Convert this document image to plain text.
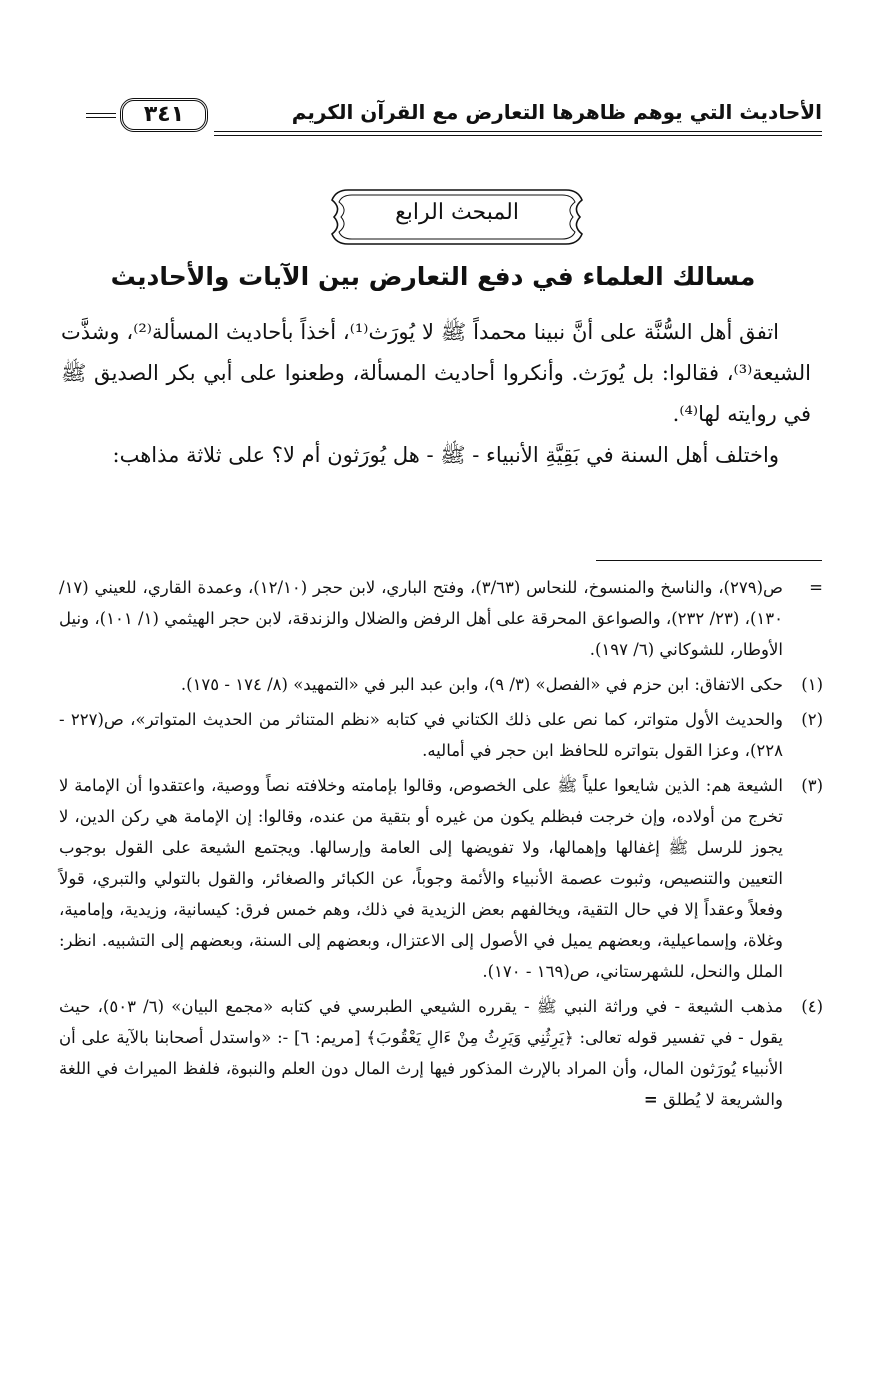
الأحاديث التي يوهم ظاهرها التعارض مع القرآن الكريم
٣٤١
المبحث الرابع
مسالك العلماء في دفع التعارض بين الآيات والأحاديث

اتفق أهل السُّنَّة على أنَّ نبينا محمداً ﷺ لا يُورَث⁽¹⁾، أخذاً بأحاديث المسألة⁽²⁾، وشذَّت الشيعة⁽³⁾، فقالوا: بل يُورَث. وأنكروا أحاديث المسألة، وطعنوا على أبي بكر الصديق ﷺ في روايته لها⁽⁴⁾.

واختلف أهل السنة في بَقِيَّةِ الأنبياء - ﷺ - هل يُورَثون أم لا؟ على ثلاثة مذاهب:

=

ص(٢٧٩)، والناسخ والمنسوخ، للنحاس (٣/٦٣)، وفتح الباري، لابن حجر (١٢/١٠)، وعمدة القاري، للعيني (١٧/ ١٣٠)، (٢٣/ ٢٣٢)، والصواعق المحرقة على أهل الرفض والضلال والزندقة، لابن حجر الهيثمي (١/ ١٠١)، ونيل الأوطار، للشوكاني (٦/ ١٩٧).

(١)

حكى الاتفاق: ابن حزم في «الفصل» (٣/ ٩)، وابن عبد البر في «التمهيد» (٨/ ١٧٤ - ١٧٥).

(٢)

والحديث الأول متواتر، كما نص على ذلك الكتاني في كتابه «نظم المتناثر من الحديث المتواتر»، ص(٢٢٧ - ٢٢٨)، وعزا القول بتواتره للحافظ ابن حجر في أماليه.

(٣)

الشيعة هم: الذين شايعوا علياً ﷺ على الخصوص، وقالوا بإمامته وخلافته نصاً ووصية، واعتقدوا أن الإمامة لا تخرج من أولاده، وإن خرجت فبظلم يكون من غيره أو بتقية من عنده، وقالوا: إن الإمامة هي ركن الدين، لا يجوز للرسل ﷺ إغفالها وإهمالها، ولا تفويضها إلى العامة وإرسالها. ويجتمع الشيعة على القول بوجوب التعيين والتنصيص، وثبوت عصمة الأنبياء والأئمة وجوباً، عن الكبائر والصغائر، والقول بالتولي والتبري، قولاً وفعلاً وعقداً إلا في حال التقية، ويخالفهم بعض الزيدية في ذلك، وهم خمس فرق: كيسانية، وزيدية، وإمامية، وغلاة، وإسماعيلية، وبعضهم يميل في الأصول إلى الاعتزال، وبعضهم إلى السنة، وبعضهم إلى التشبيه. انظر: الملل والنحل، للشهرستاني، ص(١٦٩ - ١٧٠).

(٤)

مذهب الشيعة - في وراثة النبي ﷺ - يقرره الشيعي الطبرسي في كتابه «مجمع البيان» (٦/ ٥٠٣)، حيث يقول - في تفسير قوله تعالى: ﴿يَرِثُنِي وَيَرِثُ مِنْ ءَالِ يَعْقُوبَ﴾ [مريم: ٦] -: «واستدل أصحابنا بالآية على أن الأنبياء يُورَثون المال، وأن المراد بالإرث المذكور فيها إرث المال دون العلم والنبوة، فلفظ الميراث في اللغة والشريعة لا يُطلق =
